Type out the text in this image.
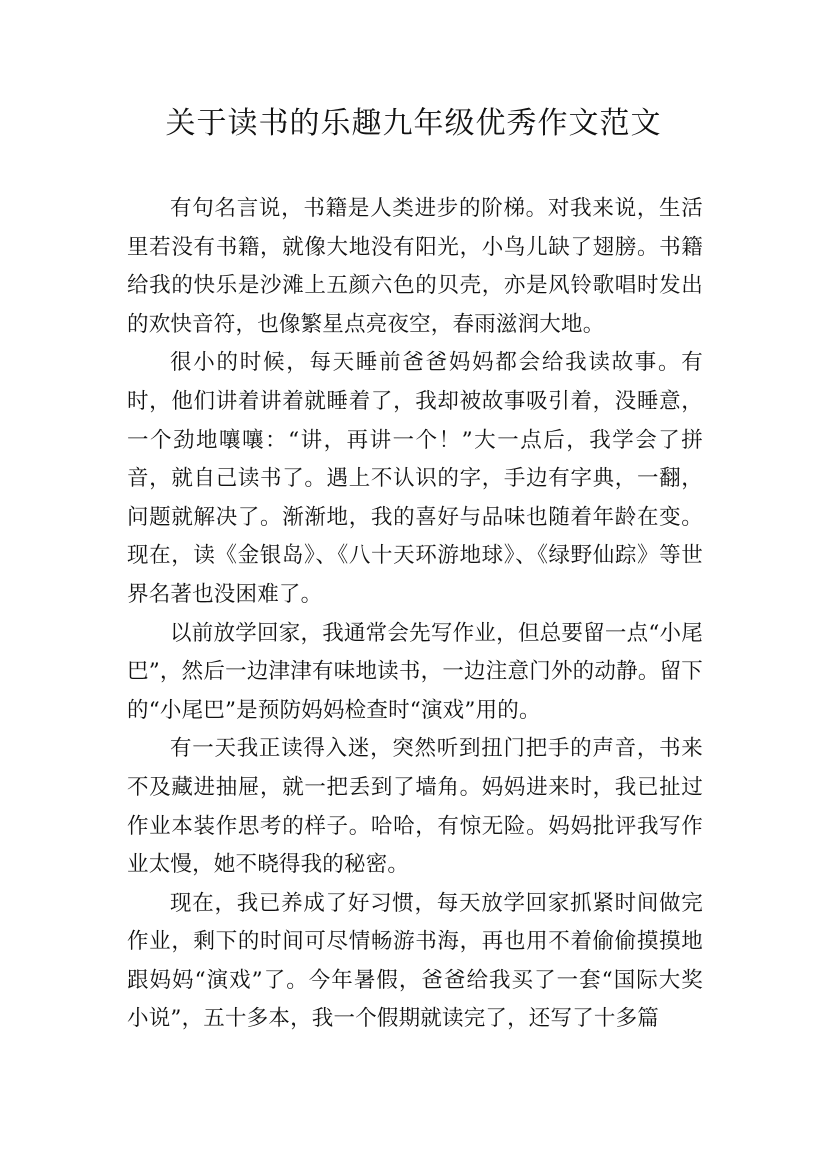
关于读书的乐趣九年级优秀作文范文

有句名言说，书籍是人类进步的阶梯。对我来说，生活里若没有书籍，就像大地没有阳光，小鸟儿缺了翅膀。书籍给我的快乐是沙滩上五颜六色的贝壳，亦是风铃歌唱时发出的欢快音符，也像繁星点亮夜空，春雨滋润大地。

很小的时候，每天睡前爸爸妈妈都会给我读故事。有时，他们讲着讲着就睡着了，我却被故事吸引着，没睡意，一个劲地嚷嚷：“讲，再讲一个！”大一点后，我学会了拼音，就自己读书了。遇上不认识的字，手边有字典，一翻，问题就解决了。渐渐地，我的喜好与品味也随着年龄在变。现在，读《金银岛》、《八十天环游地球》、《绿野仙踪》等世界名著也没困难了。

以前放学回家，我通常会先写作业，但总要留一点“小尾巴”，然后一边津津有味地读书，一边注意门外的动静。留下的“小尾巴”是预防妈妈检查时“演戏”用的。

有一天我正读得入迷，突然听到扭门把手的声音，书来不及藏进抽屉，就一把丢到了墙角。妈妈进来时，我已扯过作业本装作思考的样子。哈哈，有惊无险。妈妈批评我写作业太慢，她不晓得我的秘密。

现在，我已养成了好习惯，每天放学回家抓紧时间做完作业，剩下的时间可尽情畅游书海，再也用不着偷偷摸摸地跟妈妈“演戏”了。今年暑假，爸爸给我买了一套“国际大奖小说”，五十多本，我一个假期就读完了，还写了十多篇
